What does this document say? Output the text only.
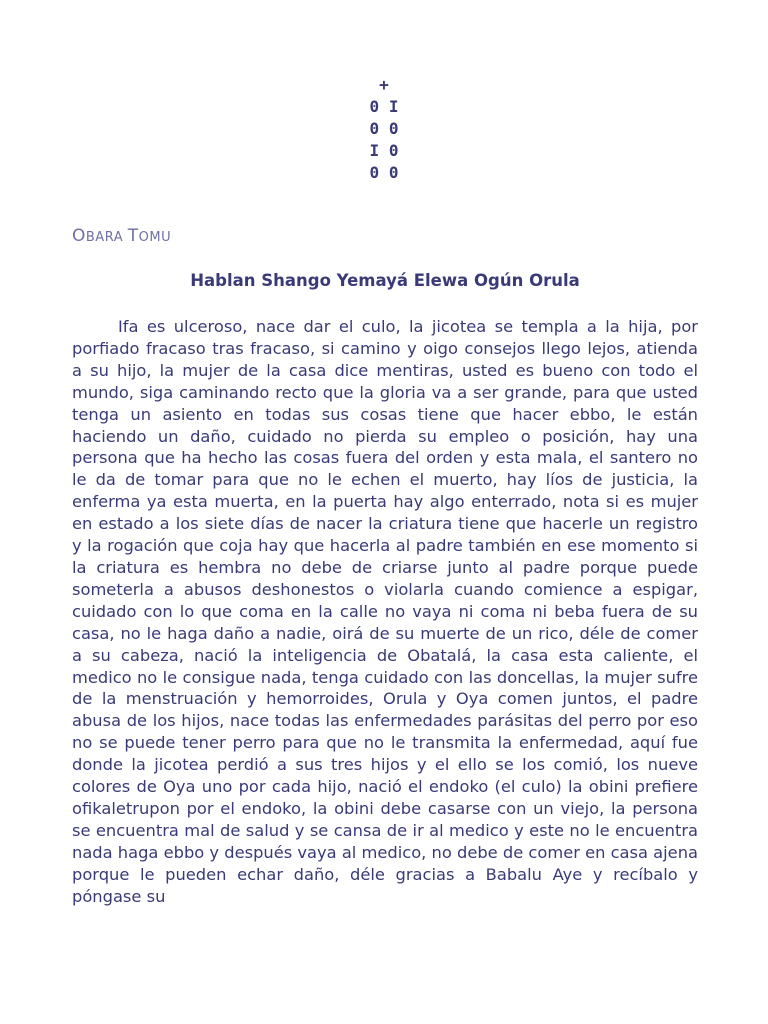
+
0 I
0 0
I 0
0 0
OBARA TOMU
Hablan Shango Yemayá Elewa Ogún Orula

Ifa es ulceroso, nace dar el culo, la jicotea se templa a la hija, por porfiado fracaso tras fracaso, si camino y oigo consejos llego lejos, atienda a su hijo, la mujer de la casa dice mentiras, usted es bueno con todo el mundo, siga caminando recto que la gloria va a ser grande, para que usted tenga un asiento en todas sus cosas tiene que hacer ebbo, le están haciendo un daño, cuidado no pierda su empleo o posición, hay una persona que ha hecho las cosas fuera del orden y esta mala, el santero no le da de tomar para que no le echen el muerto, hay líos de justicia, la enferma ya esta muerta, en la puerta hay algo enterrado, nota si es mujer en estado a los siete días de nacer la criatura tiene que hacerle un registro y la rogación que coja hay que hacerla al padre también en ese momento si la criatura es hembra no debe de criarse junto al padre porque puede someterla a abusos deshonestos o violarla cuando comience a espigar, cuidado con lo que coma en la calle no vaya ni coma ni beba fuera de su casa, no le haga daño a nadie, oirá de su muerte de un rico, déle de comer a su cabeza, nació la inteligencia de Obatalá, la casa esta caliente, el medico no le consigue nada, tenga cuidado con las doncellas, la mujer sufre de la menstruación y hemorroides, Orula y Oya comen juntos, el padre abusa de los hijos, nace todas las enfermedades parásitas del perro por eso no se puede tener perro para que no le transmita la enfermedad, aquí fue donde la jicotea perdió a sus tres hijos y el ello se los comió, los nueve colores de Oya uno por cada hijo, nació el endoko (el culo) la obini prefiere ofikaletrupon por el endoko, la obini debe casarse con un viejo, la persona se encuentra mal de salud y se cansa de ir al medico y este no le encuentra nada haga ebbo y después vaya al medico, no debe de comer en casa ajena porque le pueden echar daño, déle gracias a Babalu Aye y recíbalo y póngase su
